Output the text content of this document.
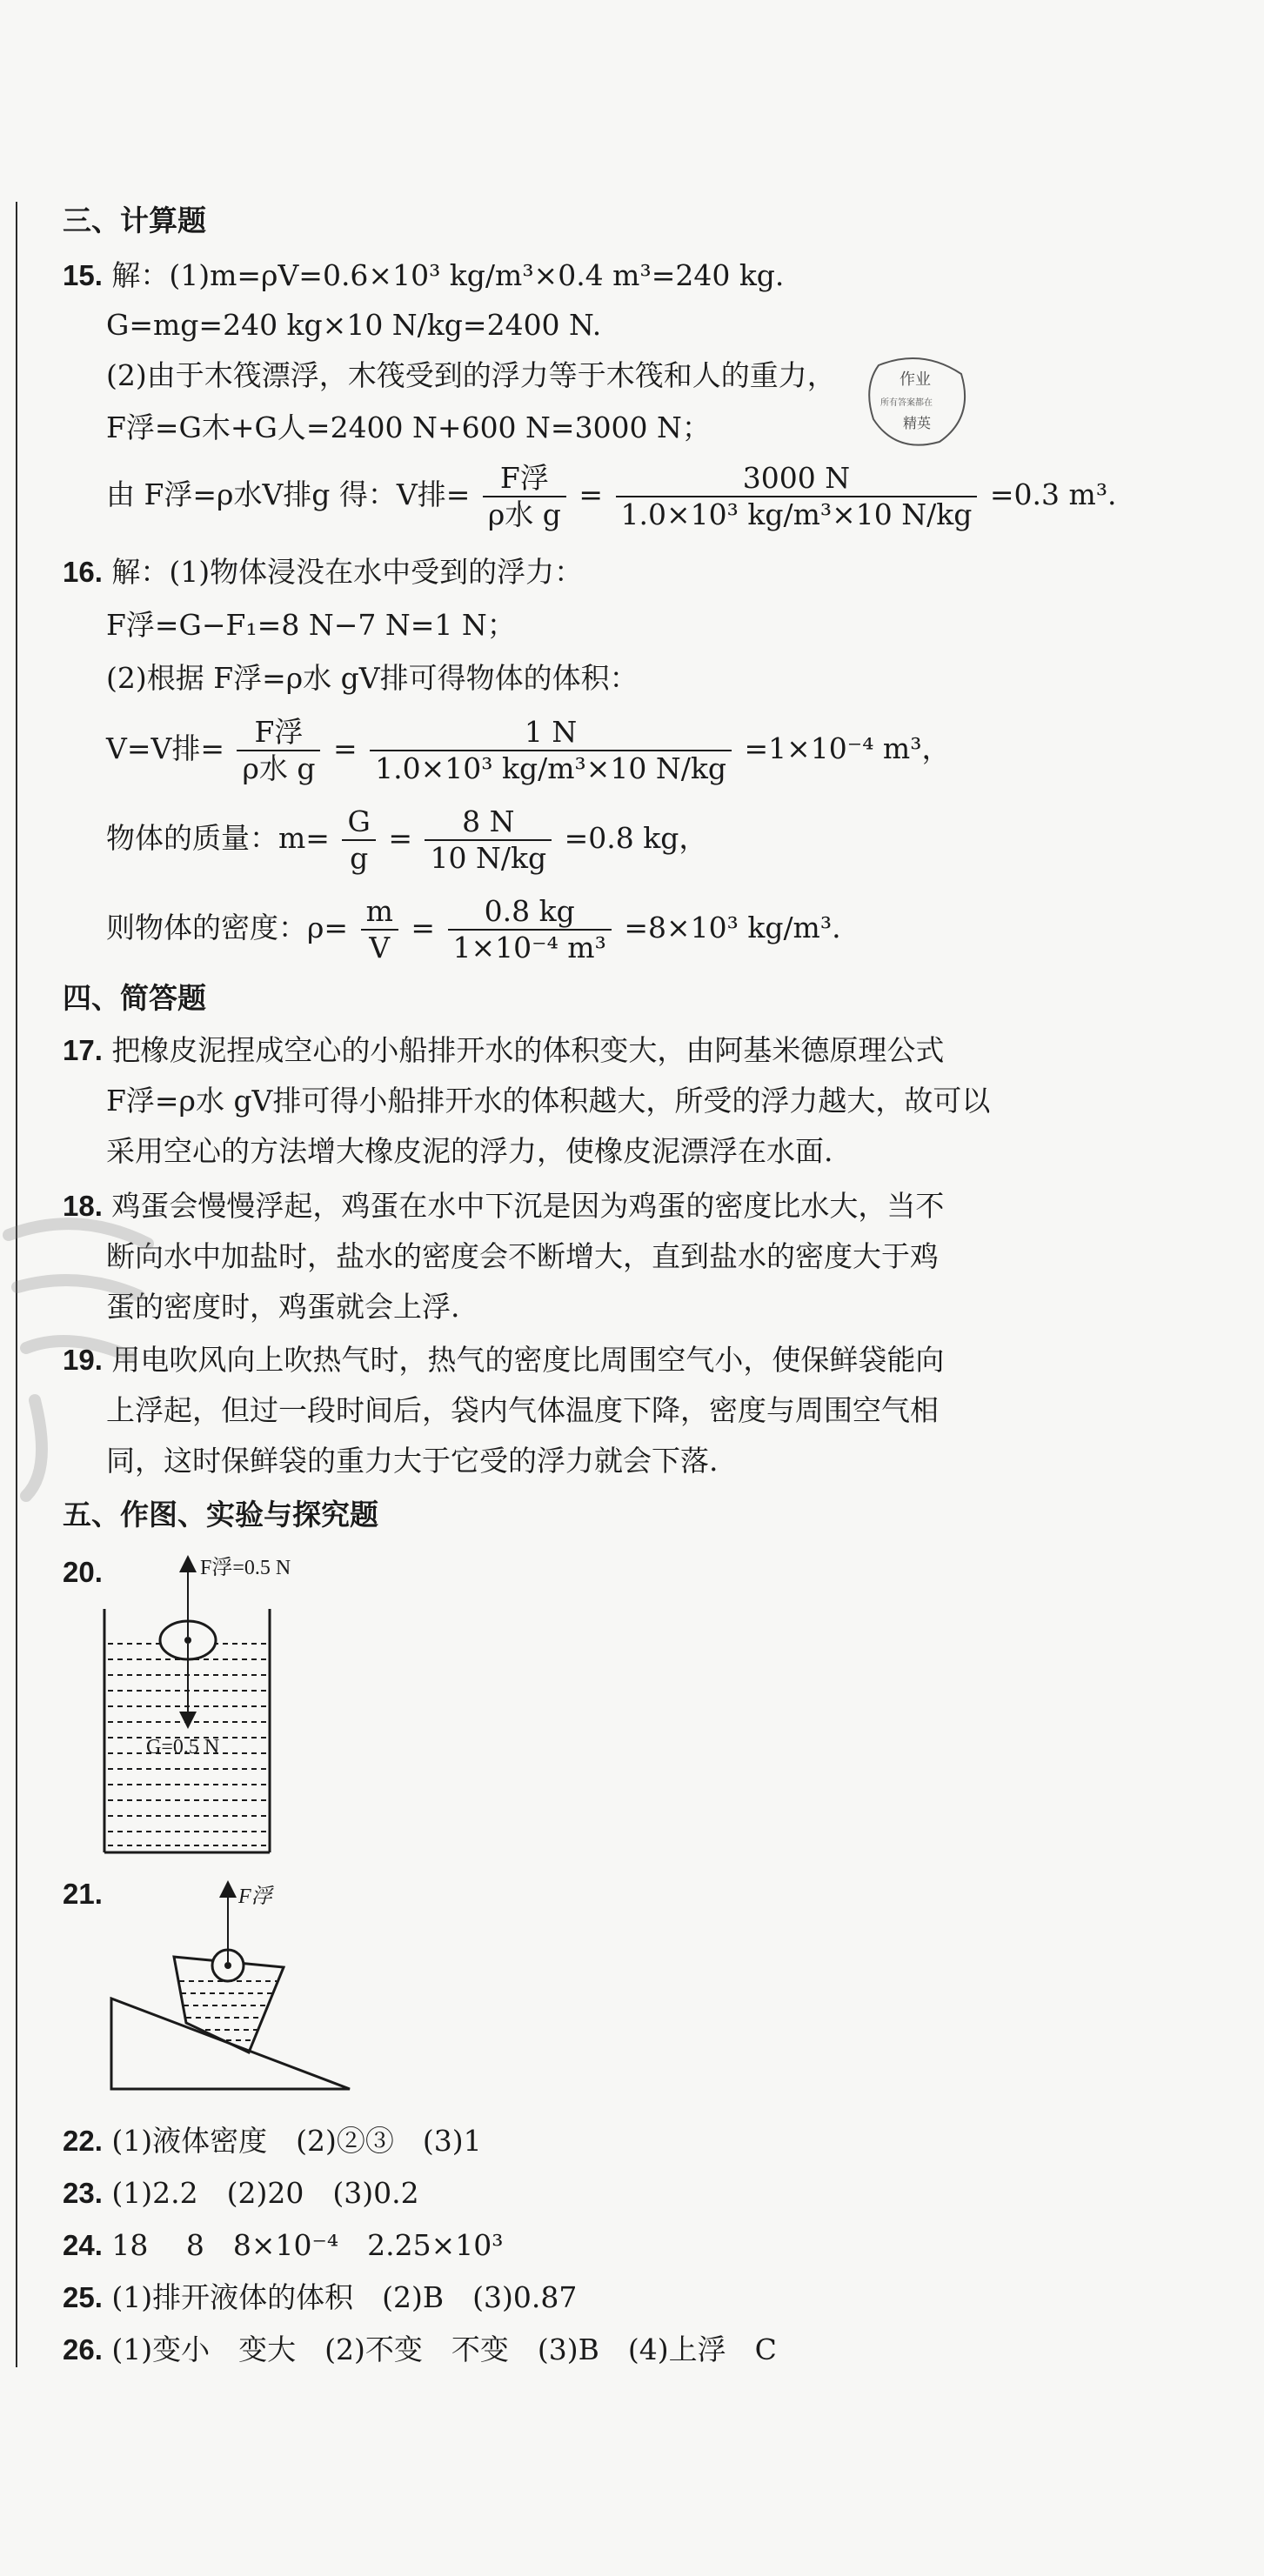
三、计算题
15. 解：(1)m=ρV=0.6×10³ kg/m³×0.4 m³=240 kg.
G=mg=240 kg×10 N/kg=2400 N.
(2)由于木筏漂浮，木筏受到的浮力等于木筏和人的重力，
F浮=G木+G人=2400 N+600 N=3000 N；
由 F浮=ρ水V排g 得：V排= $\frac{\text{F浮}}{\text{ρ水 g}} = \frac{3000 N}{\text{1.0×10³ kg/m³×10 N/kg}} =0.3$ m³.
16. 解：(1)物体浸没在水中受到的浮力：
F浮=G−F₁=8 N−7 N=1 N；
(2)根据 F浮=ρ水 gV排可得物体的体积：
V=V排= $\frac{\text{F浮}}{\text{ρ水 g}} = \frac{1 N}{\text{1.0×10³ kg/m³×10 N/kg}} =1\times 10^{-4}$ m³，
物体的质量：$m= \frac{G}{g} = \frac{8 N}{10 N/kg} =0.8$ kg，
则物体的密度：$\rho= \frac{m}{V} = \frac{0.8 kg}{\text{1×10⁻⁴ m³}} =8\times 10^3$ kg/m³.
四、简答题
17. 把橡皮泥捏成空心的小船排开水的体积变大，由阿基米德原理公式
F浮=ρ水 gV排可得小船排开水的体积越大，所受的浮力越大，故可以
采用空心的方法增大橡皮泥的浮力，使橡皮泥漂浮在水面.
18. 鸡蛋会慢慢浮起，鸡蛋在水中下沉是因为鸡蛋的密度比水大，当不
断向水中加盐时，盐水的密度会不断增大，直到盐水的密度大于鸡
蛋的密度时，鸡蛋就会上浮.
19. 用电吹风向上吹热气时，热气的密度比周围空气小，使保鲜袋能向
上浮起，但过一段时间后，袋内气体温度下降，密度与周围空气相
同，这时保鲜袋的重力大于它受的浮力就会下落.
五、作图、实验与探究题
20.	F浮=0.5 N
G=0.5 N
21.	F浮
22. (1)液体密度　(2)②③　(3)1
23. (1)2.2　(2)20　(3)0.2
24. 18　 8　8×10⁻⁴　2.25×10³
25. (1)排开液体的体积　(2)B　(3)0.87
26. (1)变小　变大　(2)不变　不变　(3)B　(4)上浮　C
作业
所有答案都在
精英
